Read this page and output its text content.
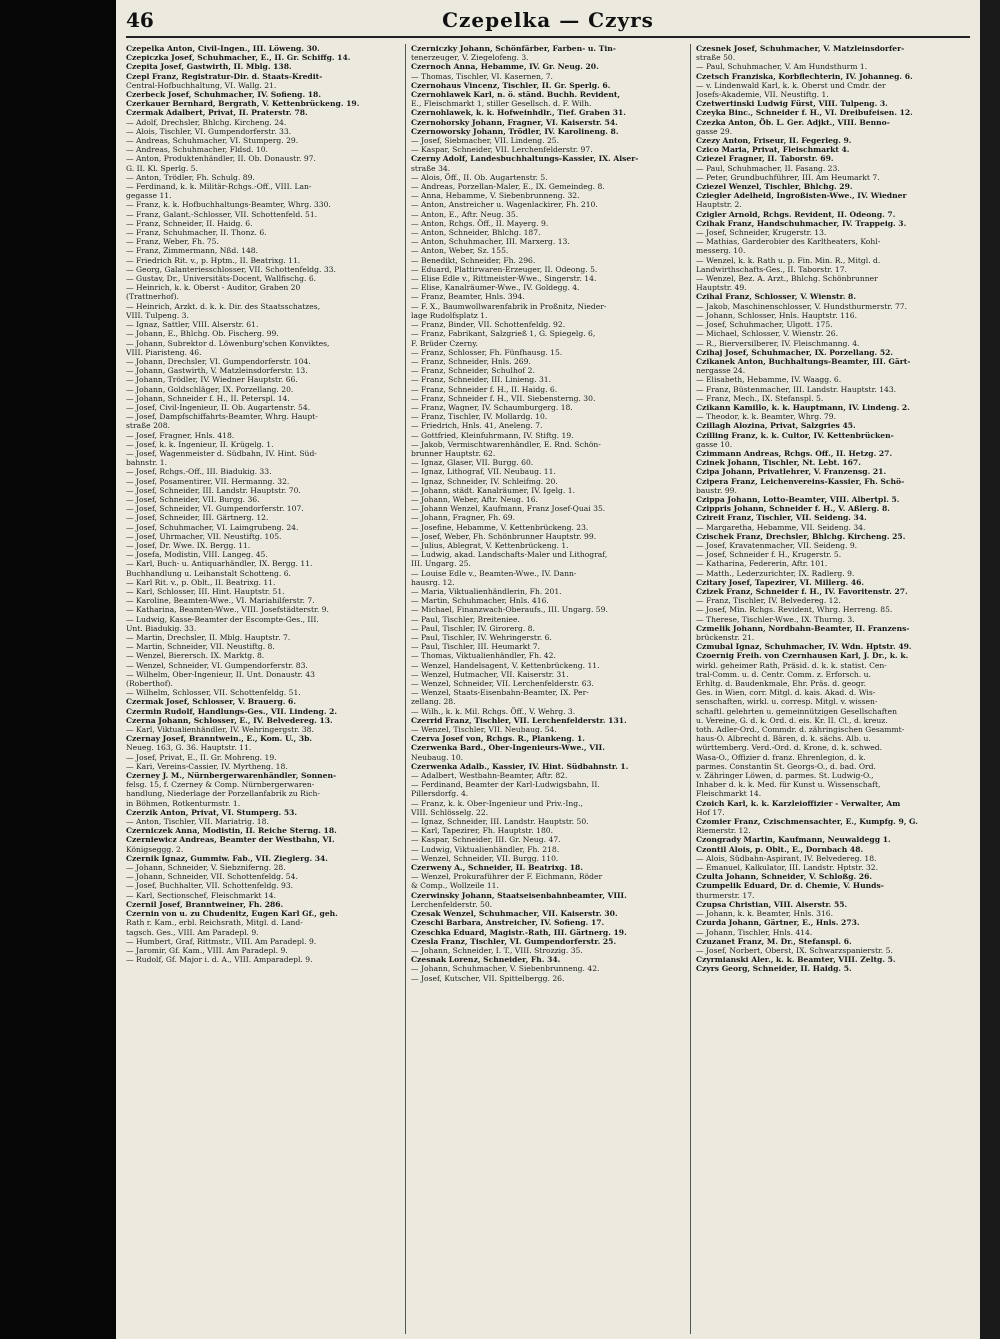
46	Czepelka — Czyrs
Czepelka Anton, Civil-Ingen., III. Löweng. 30.
Czepiczka Josef, Schuhmacher, E., II. Gr. Schiffg. 14.
Czepita Josef, Gastwirth, II. Mblg. 138.
Czepl Franz, Registratur-Dir. d. Staats-Kredit-
Central-Hofbuchhaltung, VI. Wallg. 21.
Czerbeck Josef, Schuhmacher, IV. Sofieng. 18.
Czerkauer Bernhard, Bergrath, V. Kettenbrückeng. 19.
Czermak Adalbert, Privat, II. Praterstr. 78.
— Adolf, Drechsler, Bhlchg. Kircheng. 24.
— Alois, Tischler, VI. Gumpendorferstr. 33.
— Andreas, Schuhmacher, VI. Stumperg. 29.
— Andreas, Schuhmacher, Fldsd. 10.
— Anton, Produktenhändler, II. Ob. Donaustr. 97.
G. II. Kl. Sperlg. 5.
— Anton, Trödler, Fh. Schulg. 89.
— Ferdinand, k. k. Militär-Rchgs.-Off., VIII. Lan-
gegasse 11.
— Franz, k. k. Hofbuchhaltungs-Beamter, Whrg. 330.
— Franz, Galant.-Schlosser, VII. Schottenfeld. 51.
— Franz, Schneider, II. Haidg. 6.
— Franz, Schuhmacher, II. Thonz. 6.
— Franz, Weber, Fh. 75.
— Franz, Zimmermann, Nßd. 148.
— Friedrich Rit. v., p. Hptm., II. Beatrixg. 11.
— Georg, Galanteriesschlosser, VII. Schottenfeldg. 33.
— Gustav, Dr., Universitäts-Docent, Wallfischg. 6.
— Heinrich, k. k. Oberst - Auditor, Graben 20
(Trattnerhof).
— Heinrich, Arzkt. d. k. k. Dir. des Staatsschatzes,
VIII. Tulpeng. 3.
— Ignaz, Sattler, VIII. Alserstr. 61.
— Johann, E., Bhlchg. Ob. Fischerg. 99.
— Johann, Subrektor d. Löwenburg'schen Konviktes,
VIII. Piaristeng. 46.
— Johann, Drechsler, VI. Gumpendorferstr. 104.
— Johann, Gastwirth, V. Matzleinsdorferstr. 13.
— Johann, Trödler, IV. Wiedner Hauptstr. 66.
— Johann, Goldschläger, IX. Porzellang. 20.
— Johann, Schneider f. H., II. Peterspl. 14.
— Josef, Civil-Ingenieur, II. Ob. Augartenstr. 54.
— Josef, Dampfschiffahrts-Beamter, Whrg. Haupt-
straße 208.
— Josef, Fragner, Hnls. 418.
— Josef, k. k. Ingenieur, II. Krügelg. 1.
— Josef, Wagenmeister d. Südbahn, IV. Hint. Süd-
bahnstr. 1.
— Josef, Rchgs.-Off., III. Biadukig. 33.
— Josef, Posamentirer, VII. Hermanng. 32.
— Josef, Schneider, III. Landstr. Hauptstr. 70.
— Josef, Schneider, VII. Burgg. 36.
— Josef, Schneider, VI. Gumpendorferstr. 107.
— Josef, Schneider, III. Gärtnerg. 12.
— Josef, Schuhmacher, VI. Laimgrubeng. 24.
— Josef, Uhrmacher, VII. Neustiftg. 105.
— Josef, Dr. Wwe. IX. Bergg. 11.
— Josefa, Modistin, VIII. Langeg. 45.
— Karl, Buch- u. Antiquarhändler, IX. Bergg. 11.
Buchhandlung u. Leihanstalt Schotteng. 6.
— Karl Rit. v., p. Oblt., II. Beatrixg. 11.
— Karl, Schlosser, III. Hint. Hauptstr. 51.
— Karoline, Beamten-Wwe., VI. Mariahilferstr. 7.
— Katharina, Beamten-Wwe., VIII. Josefstädterstr. 9.
— Ludwig, Kasse-Beamter der Escompte-Ges., III.
Unt. Biadukig. 33.
— Martin, Drechsler, II. Mblg. Hauptstr. 7.
— Martin, Schneider, VII. Neustiftg. 8.
— Wenzel, Bierersch. IX. Marktg. 8.
— Wenzel, Schneider, VI. Gumpendorferstr. 83.
— Wilhelm, Ober-Ingenieur, II. Unt. Donaustr. 43
(Roberthof).
— Wilhelm, Schlosser, VII. Schottenfeldg. 51.
Czermak Josef, Schlosser, V. Brauerg. 6.
Czermin Rudolf, Handlungs-Ges., VII. Lindeng. 2.
Czerna Johann, Schlosser, E., IV. Belvedereg. 13.
— Karl, Viktualienhändler, IV. Wehringergstr. 38.
Czernay Josef, Branntwein., E., Kom. U., 3b.
Neueg. 163, G. 36. Hauptstr. 11.
— Josef, Privat, E., II. Gr. Mohreng. 19.
— Kari, Vereins-Cassier, IV. Myrtheng. 18.
Czerney J. M., Nürnbergerwarenhändler, Sonnen-
felsg. 15, f. Czerney & Comp. Nürnbergerwaren-
handlung, Niederlage der Porzellanfabrik zu Rich-
in Böhmen, Rotkenturmstr. 1.
Czerzik Anton, Privat, VI. Stumperg. 53.
— Anton, Tischler, VII. Mariatrig. 18.
Czerniczek Anna, Modistin, II. Reiche Sterng. 18.
Czerniewicz Andreas, Beamter der Westbahn, VI.
Königseggg. 2.
Czernik Ignaz, Gummiw. Fab., VII. Zieglerg. 34.
— Johann, Schneider, V. Siebzniferng. 28.
— Johann, Schneider, VII. Schottenfeldg. 54.
— Josef, Buchhalter, VII. Schottenfeldg. 93.
— Karl, Sectionschef, Fleischmarkt 14.
Czernil Josef, Branntweiner, Fh. 286.
Czernin von u. zu Chudenitz, Eugen Karl Gf., geh.
Rath r. Kam., erbl. Reichsrath, Mitgl. d. Land-
tagsch. Ges., VIII. Am Paradepl. 9.
— Humbert, Graf, Rittmstr., VIII. Am Paradepl. 9.
— Jaromir, Gf. Kam., VIII. Am Paradepl. 9.
— Rudolf, Gf. Major i. d. A., VIII. Amparadepl. 9.
Czerniczky Johann, Schönfärber, Farben- u. Tin-
tenerzeuger, V. Ziegelofeng. 3.
Czernoch Anna, Hebamme, IV. Gr. Neug. 20.
— Thomas, Tischler, VI. Kasernen, 7.
Czernohaus Vincenz, Tischler, II. Gr. Sperlg. 6.
Czernohlawek Karl, n. ö. ständ. Buchh. Revident,
E., Fleischmarkt 1, stiller Gesellsch. d. F. Wilh.
Czernohlawek, k. k. Hofweinhdlr., Tief. Graben 31.
Czernohorsky Johann, Fragner, VI. Kaiserstr. 54.
Czernoworsky Johann, Trödler, IV. Karolineng. 8.
— Josef, Siebmacher, VII. Lindeng. 25.
— Kaspar, Schneider, VII. Lerchenfelderstr. 97.
Czerny Adolf, Landesbuchhaltungs-Kassier, IX. Alser-
straße 34.
— Alois, Öff., II. Ob. Augartenstr. 5.
— Andreas, Porzellan-Maler, E., IX. Gemeindeg. 8.
— Anna, Hebamme, V. Siebenbrunneng. 32.
— Anton, Anstreicher u. Wagenlackirer, Fh. 210.
— Anton, E., Aftr. Neug. 35.
— Anton, Rchgs. Öff., II. Mayerg. 9.
— Anton, Schneider, Bhlchg. 187.
— Anton, Schuhmacher, III. Marxerg. 13.
— Anton, Weber, Sz. 155.
— Benedikt, Schneider, Fh. 296.
— Eduard, Plattirwaren-Erzeuger, II. Odeong. 5.
— Elise Edle v., Rittmeister-Wwe., Singerstr. 14.
— Elise, Kanalräumer-Wwe., IV. Goldegg. 4.
— Franz, Beamter, Hnls. 394.
— F. X., Baumwollwarenfabrik in Proßnitz, Nieder-
lage Rudolfsplatz 1.
— Franz, Binder, VII. Schottenfeldg. 92.
— Franz, Fabrikant, Salzgrieß 1, G. Spiegelg. 6,
F. Brüder Czerny.
— Franz, Schlosser, Fh. Fünfhausg. 15.
— Franz, Schneider, Hnls. 269.
— Franz, Schneider, Schulhof 2.
— Franz, Schneider, III. Linieng. 31.
— Franz, Schneider f. H., II. Haidg. 6.
— Franz, Schneider f. H., VII. Siebensterng. 30.
— Franz, Wagner, IV. Schaumburgerg. 18.
— Franz, Tischler, IV. Mollardg. 10.
— Friedrich, Hnls. 41, Aneleng. 7.
— Gottfried, Kleinfuhrmann, IV. Stiftg. 19.
— Jakob, Vermischtwarenhändler, E. Rnd. Schön-
brunner Hauptstr. 62.
— Ignaz, Glaser, VII. Burgg. 60.
— Ignaz, Lithograf, VII. Neubaug. 11.
— Ignaz, Schneider, IV. Schleifmg. 20.
— Johann, städt. Kanalräumer, IV. Igelg. 1.
— Johann, Weber, Aftr. Neug. 16.
— Johann Wenzel, Kaufmann, Franz Josef-Quai 35.
— Johann, Fragner, Fh. 69.
— Josefine, Hebamme, V. Kettenbrückeng. 23.
— Josef, Weber, Fh. Schönbrunner Hauptstr. 99.
— Julius, Ablegrat, V. Kettenbrückeng. 1.
— Ludwig, akad. Landschafts-Maler und Lithograf,
III. Ungarg. 25.
— Louise Edle v., Beamten-Wwe., IV. Dann-
hausrg. 12.
— Maria, Viktualienhändlerin, Fh. 201.
— Martin, Schuhmacher, Hnls. 416.
— Michael, Finanzwach-Oberaufs., III. Ungarg. 59.
— Paul, Tischler, Breiteniee.
— Paul, Tischler, IV. Girorerg. 8.
— Paul, Tischler, IV. Wehringerstr. 6.
— Paul, Tischler, III. Heumarkt 7.
— Thomas, Viktualienhändler, Fh. 42.
— Wenzel, Handelsagent, V. Kettenbrückeng. 11.
— Wenzel, Hutmacher, VII. Kaiserstr. 31.
— Wenzel, Schneider, VII. Lerchenfelderstr. 63.
— Wenzel, Staats-Eisenbahn-Beamter, IX. Per-
zellang. 28.
— Wilh., k. k. Mil. Rchgs. Öff., V. Wehrg. 3.
Czerrid Franz, Tischler, VII. Lerchenfelderstr. 131.
— Wenzel, Tischler, VII. Neubaug. 54.
Czerva Josef von, Rchgs. R., Plankeng. 1.
Czerwenka Bard., Ober-Ingenieurs-Wwe., VII.
Neubaug. 10.
Czerwenka Adalb., Kassier, IV. Hint. Südbahnstr. 1.
— Adalbert, Westbahn-Beamter, Aftr. 82.
— Ferdinand, Beamter der Karl-Ludwigsbahn, II.
Pillersdorfg. 4.
— Franz, k. k. Ober-Ingenieur und Priv.-Ing.,
VIII. Schlösselg. 22.
— Ignaz, Schneider, III. Landstr. Hauptstr. 50.
— Karl, Tapezirer, Fh. Hauptstr. 180.
— Kaspar, Schneider, III. Gr. Neug. 47.
— Ludwig, Viktualienhändler, Fh. 218.
— Wenzel, Schneider, VII. Burgg. 110.
Czerweny A., Schneider, II. Beatrixg. 18.
— Wenzel, Prokuraführer der F. Eichmann, Röder
& Comp., Wollzeile 11.
Czerwinsky Johann, Staatseisenbahnbeamter, VIII.
Lerchenfelderstr. 50.
Czesak Wenzel, Schuhmacher, VII. Kaiserstr. 30.
Czeschi Barbara, Anstreicher, IV. Sofieng. 17.
Czeschka Eduard, Magistr.-Rath, III. Gärtnerg. 19.
Czesla Franz, Tischler, VI. Gumpendorferstr. 25.
— Johann, Schneider, I. T., VIII. Strozzig. 35.
Czesnak Lorenz, Schneider, Fh. 34.
— Johann, Schuhmacher, V. Siebenbrunneng. 42.
— Josef, Kutscher, VII. Spittelbergg. 26.
Czesnek Josef, Schuhmacher, V. Matzleinsdorfer-
straße 50.
— Paul, Schuhmacher, V. Am Hundsthurm 1.
Czetsch Franziska, Korbflechterin, IV. Johanneg. 6.
— v. Lindenwald Karl, k. k. Oberst und Cmdr. der
Josefs-Akademie, VII. Neustiftg. 1.
Czetwertinski Ludwig Fürst, VIII. Tulpeng. 3.
Czeyka Binc., Schneider f. H., VI. Dreibufeisen. 12.
Czezka Anton, Öb. L. Ger. Adjkt., VIII. Benno-
gasse 29.
Czezy Anton, Friseur, II. Fegerleg. 9.
Czico Maria, Privat, Fleischmarkt 4.
Cziezel Fragner, II. Taborstr. 69.
— Paul, Schuhmacher, II. Fasang. 23.
— Peter, Grundbuchführer, III. Am Heumarkt 7.
Cziezel Wenzel, Tischler, Bhlchg. 29.
Cziegler Adelheid, Ingroßisten-Wwe., IV. Wiedner
Hauptstr. 2.
Czigler Arnold, Rchgs. Revident, II. Odeong. 7.
Czihak Franz, Handschuhmacher, IV. Trappeig. 3.
— Josef, Schneider, Krugerstr. 13.
— Mathias, Garderobier des Karltheaters, Kohl-
messerg. 10.
— Wenzel, k. k. Rath u. p. Fin. Min. R., Mitgl. d.
Landwirthschafts-Ges., II. Taborstr. 17.
— Wenzel, Bez. A. Arzt., Bhlchg. Schönbrunner
Hauptstr. 49.
Czihal Franz, Schlosser, V. Wienstr. 8.
— Jakob, Maschinenschlosser, V. Hundsthurmerstr. 77.
— Johann, Schlosser, Hnls. Hauptstr. 116.
— Josef, Schuhmacher, Ulgott. 175.
— Michael, Schlosser, V. Wienstr. 26.
— R., Bierversilberer, IV. Fleischmanng. 4.
Czihaj Josef, Schuhmacher, IX. Porzellang. 52.
Czikanek Anton, Buchhaltungs-Beamter, III. Gärt-
nergasse 24.
— Elisabeth, Hebamme, IV. Waagg. 6.
— Franz, Büstenmacher, III. Landstr. Hauptstr. 143.
— Franz, Mech., IX. Stefanspl. 5.
Czikann Kamillo, k. k. Hauptmann, IV. Lindeng. 2.
— Theodor, k. k. Beamter, Whrg. 79.
Czillagh Alozina, Privat, Salzgries 45.
Czilling Franz, k. k. Cultor, IV. Kettenbrücken-
gasse 10.
Czimmann Andreas, Rchgs. Off., II. Hetzg. 27.
Czinek Johann, Tischler, Nt. Lebt. 167.
Czipa Johann, Privatlehrer, V. Franzensg. 21.
Czipera Franz, Leichenvereins-Kassier, Fh. Schö-
baustr. 99.
Czippa Johann, Lotto-Beamter, VIII. Albertpl. 5.
Czippris Johann, Schneider f. H., V. Aßlerg. 8.
Czireit Franz, Tischler, VII. Seideng. 34.
— Margaretha, Hebamme, VII. Seideng. 34.
Czischek Franz, Drechsler, Bhlchg. Kircheng. 25.
— Josef, Kravatenmacher, VII. Seideng. 9.
— Josef, Schneider f. H., Krugerstr. 5.
— Katharina, Federerin, Aftr. 101.
— Matth., Lederzurichter, IX. Radlerg. 9.
Czitary Josef, Tapezirer, VI. Millerg. 46.
Czizek Franz, Schneider f. H., IV. Favoritenstr. 27.
— Franz, Tischler, IV. Belvedereg. 12.
— Josef, Min. Rchgs. Revident, Whrg. Herreng. 85.
— Therese, Tischler-Wwe., IX. Thurng. 3.
Czmelik Johann, Nordbahn-Beamter, II. Franzens-
brückenstr. 21.
Czmubal Ignaz, Schuhmacher, IV. Wdn. Hptstr. 49.
Czoernig Freih. von Czernhausen Karl, J. Dr., k. k.
wirkl. geheimer Rath, Präsid. d. k. k. statist. Cen-
tral-Comm. u. d. Centr. Comm. z. Erforsch. u.
Erhltg. d. Baudenkmale, Ehr. Präs. d. geogr.
Ges. in Wien, corr. Mitgl. d. kais. Akad. d. Wis-
senschaften, wirkl. u. corresp. Mitgl. v. wissen-
schaftl. gelehrten u. gemeinnützigen Gesellschaften
u. Vereine, G. d. k. Ord. d. eis. Kr. II. Cl., d. kreuz.
toth. Adler-Ord., Commdr. d. zähringischen Gesammt-
haus-O. Albrecht d. Bären, d. k. sächs. Alb. u.
württemberg. Verd.-Ord. d. Krone, d. k. schwed.
Wasa-O., Offizier d. franz. Ehrenlegion, d. k.
parmes. Constantin St. Georgs-O., d. bad. Ord.
v. Zähringer Löwen, d. parmes. St. Ludwig-O.,
Inhaber d. k. k. Med. für Kunst u. Wissenschaft,
Fleischmarkt 14.
Czoich Karl, k. k. Karzleioffizier - Verwalter, Am
Hof 17.
Czomier Franz, Czischmensachter, E., Kumpfg. 9, G.
Riemerstr. 12.
Czongrady Martin, Kaufmann, Neuwaldegg 1.
Czontil Alois, p. Oblt., E., Dornbach 48.
— Alois, Südbahn-Aspirant, IV. Belvedereg. 18.
— Emanuel, Kalkulator, III. Landstr. Hptstr. 32.
Czulta Johann, Schneider, V. Schloßg. 26.
Czumpelik Eduard, Dr. d. Chemie, V. Hunds-
thurmerstr. 17.
Czupsa Christian, VIII. Alserstr. 55.
— Johann, k. k. Beamter, Hnls. 316.
Czurda Johann, Gärtner, E., Hnls. 273.
— Johann, Tischler, Hnls. 414.
Czuzanet Franz, M. Dr., Stefanspl. 6.
— Josef, Norbert, Oberst, IX. Schwarzspanierstr. 5.
Czyrmianski Aler., k. k. Beamter, VIII. Zeltg. 5.
Czyrs Georg, Schneider, II. Haidg. 5.
